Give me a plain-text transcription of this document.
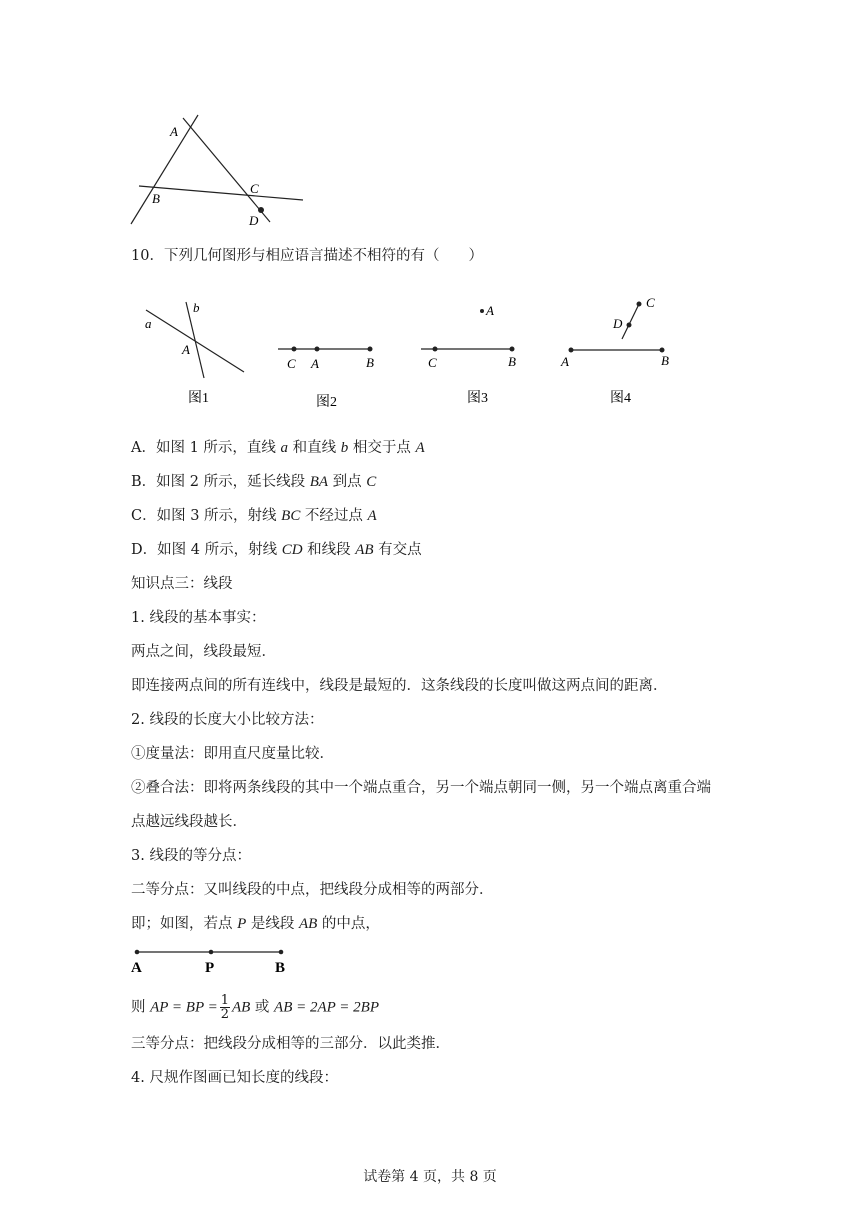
A
B
C
D
10．下列几何图形与相应语言描述不相符的有（　　）
a
b
A
图1
C A	B
图2
A
C	B
图3
C
D
A	B
图4
A．如图 1 所示，直线 a 和直线 b 相交于点 A
B．如图 2 所示，延长线段 BA 到点 C
C．如图 3 所示，射线 BC 不经过点 A
D．如图 4 所示，射线 CD 和线段 AB 有交点
知识点三：线段
1. 线段的基本事实：
两点之间，线段最短．
即连接两点间的所有连线中，线段是最短的．这条线段的长度叫做这两点间的距离．
2. 线段的长度大小比较方法：
①度量法：即用直尺度量比较．
②叠合法：即将两条线段的其中一个端点重合，另一个端点朝同一侧，另一个端点离重合端
点越远线段越长．
3. 线段的等分点：
二等分点：又叫线段的中点，把线段分成相等的两部分．
即；如图，若点 P 是线段 AB 的中点，
A	P	B
则 AP = BP = $\frac{1}{2}$ AB 或 AB = 2AP = 2BP
三等分点：把线段分成相等的三部分．以此类推．
4. 尺规作图画已知长度的线段：
试卷第 4 页，共 8 页
